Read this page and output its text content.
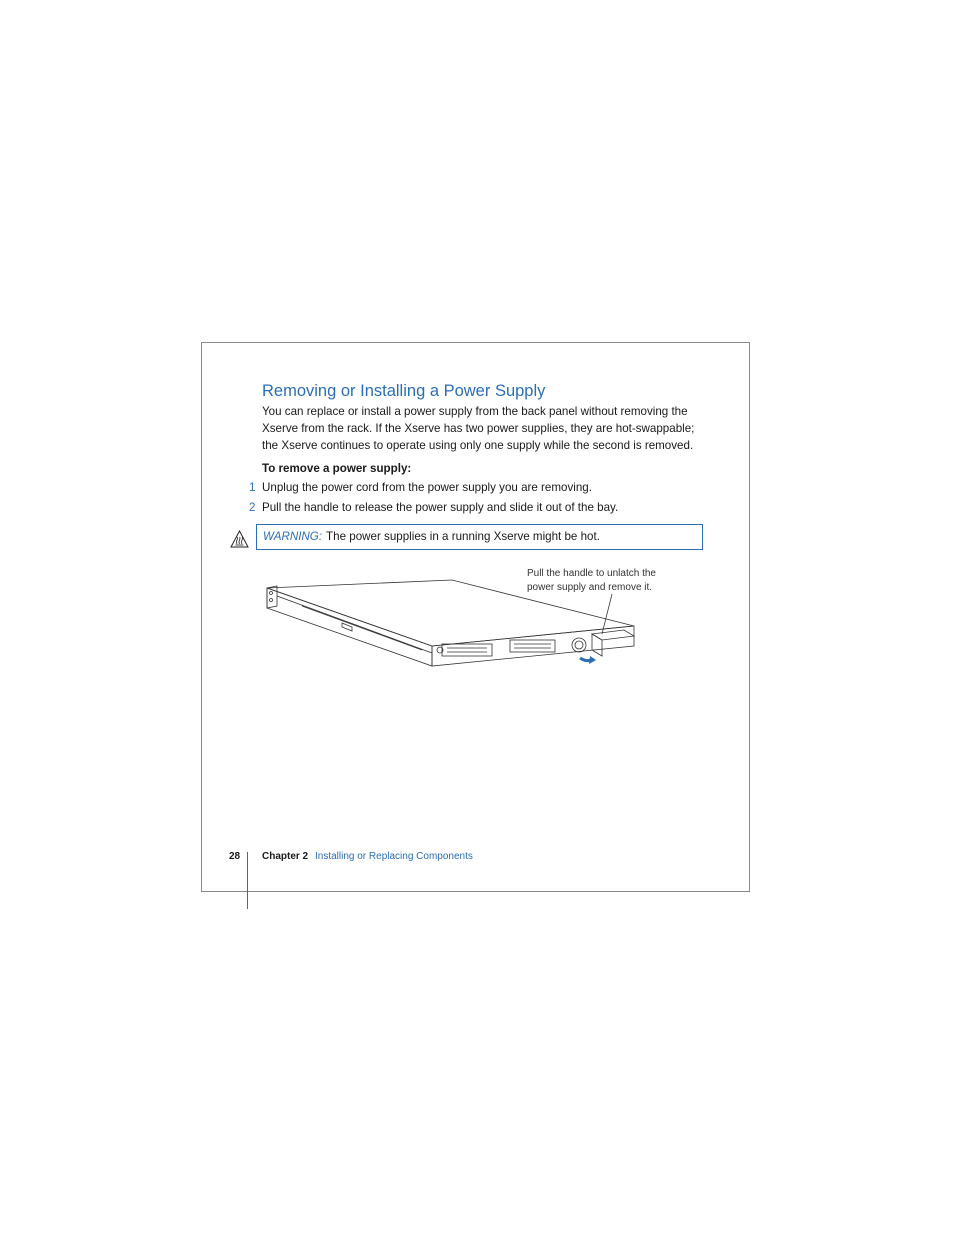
Removing or Installing a Power Supply

You can replace or install a power supply from the back panel without removing the
Xserve from the rack. If the Xserve has two power supplies, they are hot-swappable;
the Xserve continues to operate using only one supply while the second is removed.

To remove a power supply:
1 Unplug the power cord from the power supply you are removing.
2 Pull the handle to release the power supply and slide it out of the bay.
WARNING: The power supplies in a running Xserve might be hot.
Pull the handle to unlatch the
power supply and remove it.
28 Chapter 2 Installing or Replacing Components
